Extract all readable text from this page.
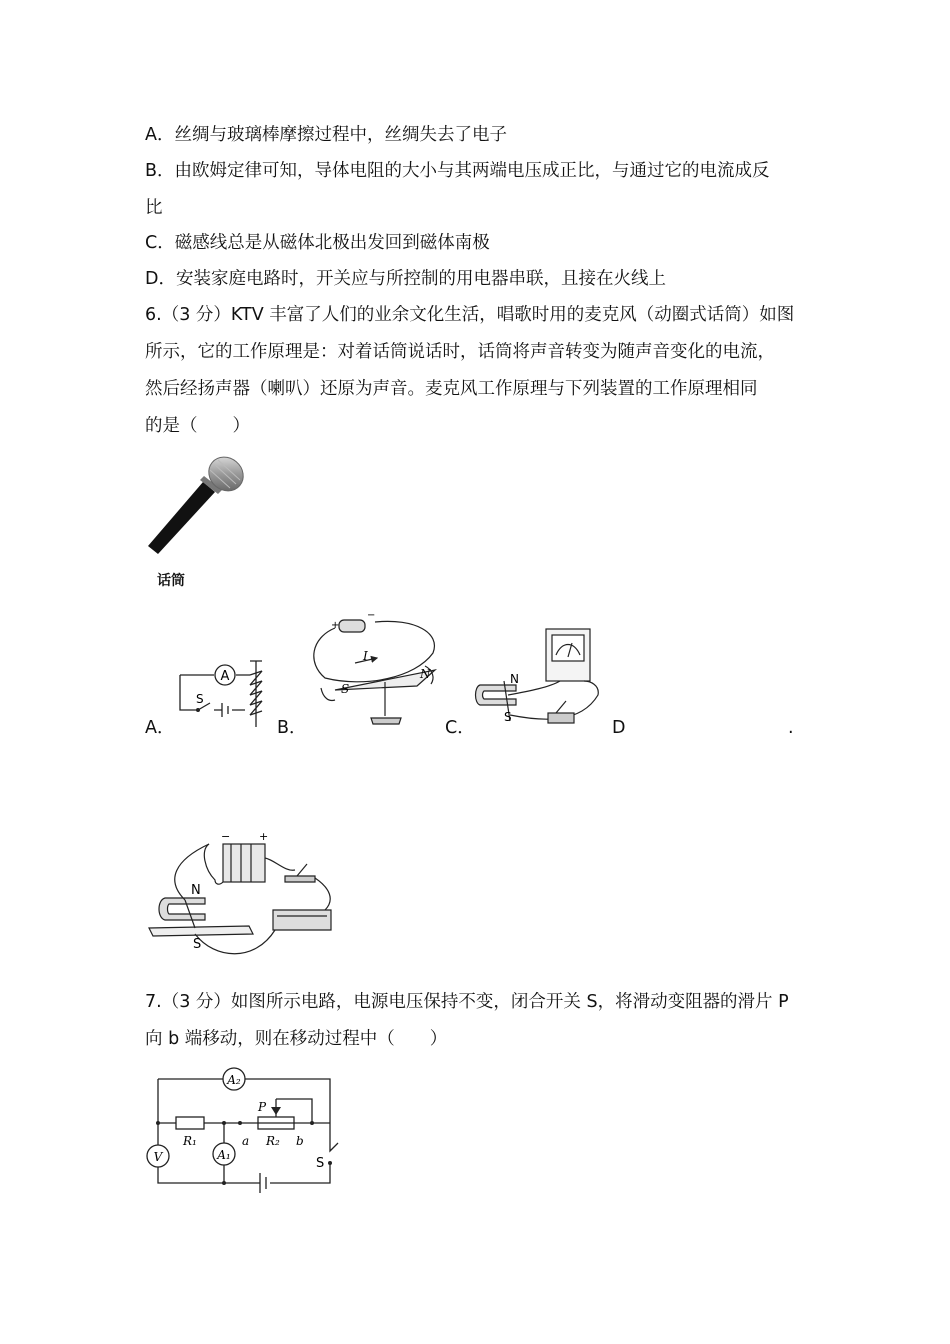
A．丝绸与玻璃棒摩擦过程中，丝绸失去了电子
B．由欧姆定律可知，导体电阻的大小与其两端电压成正比，与通过它的电流成反
比
C．磁感线总是从磁体北极出发回到磁体南极
D．安装家庭电路时，开关应与所控制的用电器串联，且接在火线上
6.（3 分）KTV 丰富了人们的业余文化生活，唱歌时用的麦克风（动圈式话筒）如图
所示，它的工作原理是：对着话筒说话时，话筒将声音转变为随声音变化的电流，
然后经扬声器（喇叭）还原为声音。麦克风工作原理与下列装置的工作原理相同
的是（　　）
话筒
A．	B．	C．	D	.
A
S
+
−
I
S
N	N
S
−	+
N
S
7.（3 分）如图所示电路，电源电压保持不变，闭合开关 S，将滑动变阻器的滑片 P
向 b 端移动，则在移动过程中（　　）
A₂
V	A₁
R₁	R₂
P
a	b
S
